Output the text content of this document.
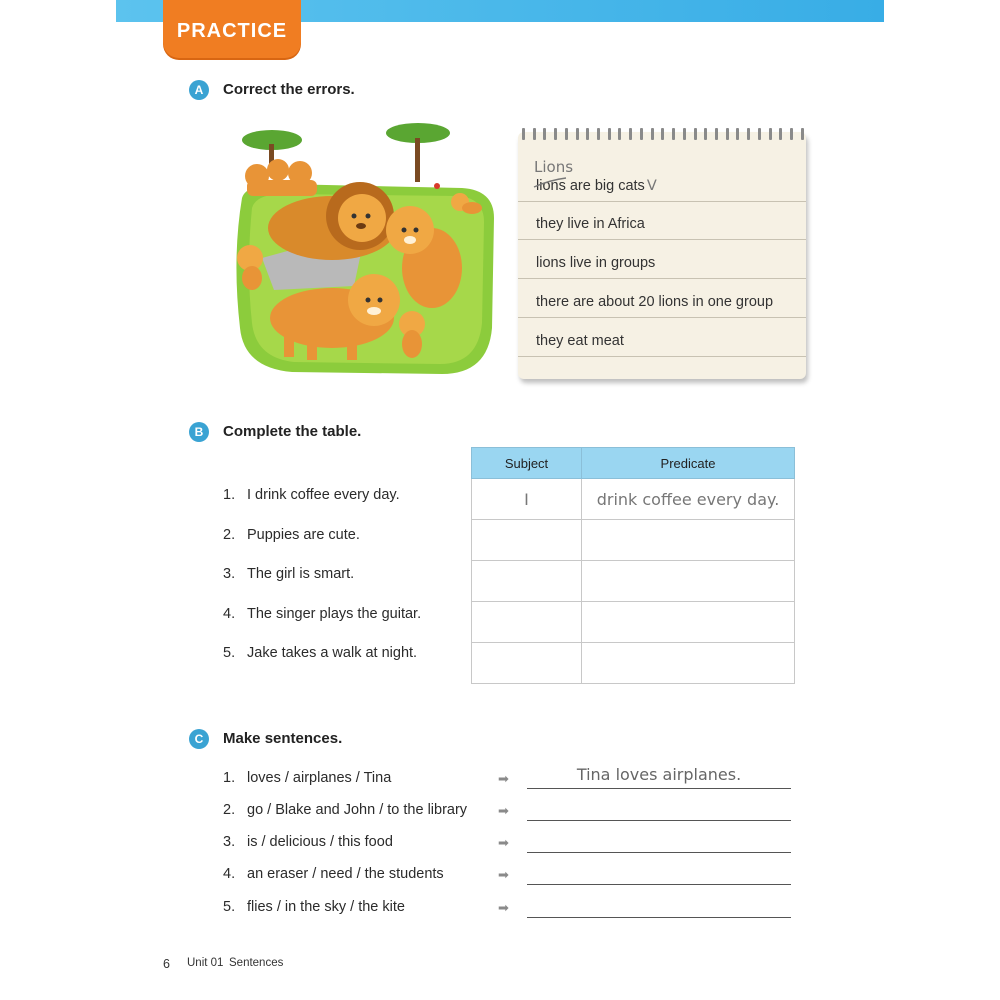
PRACTICE
A	Correct the errors.
Lions
lions are big cats V
they live in Africa
lions live in groups
there are about 20 lions in one group
they eat meat
B	Complete the table.
1. I drink coffee every day.
2. Puppies are cute.
3. The girl is smart.
4. The singer plays the guitar.
5. Jake takes a walk at night.
Subject	Predicate
I	drink coffee every day.

C	Make sentences.
1. loves / airplanes / Tina	➡	Tina loves airplanes.
2. go / Blake and John / to the library ➡
3. is / delicious / this food	➡
4. an eraser / need / the students	➡
5. flies / in the sky / the kite	➡
6 Unit 01 Sentences
